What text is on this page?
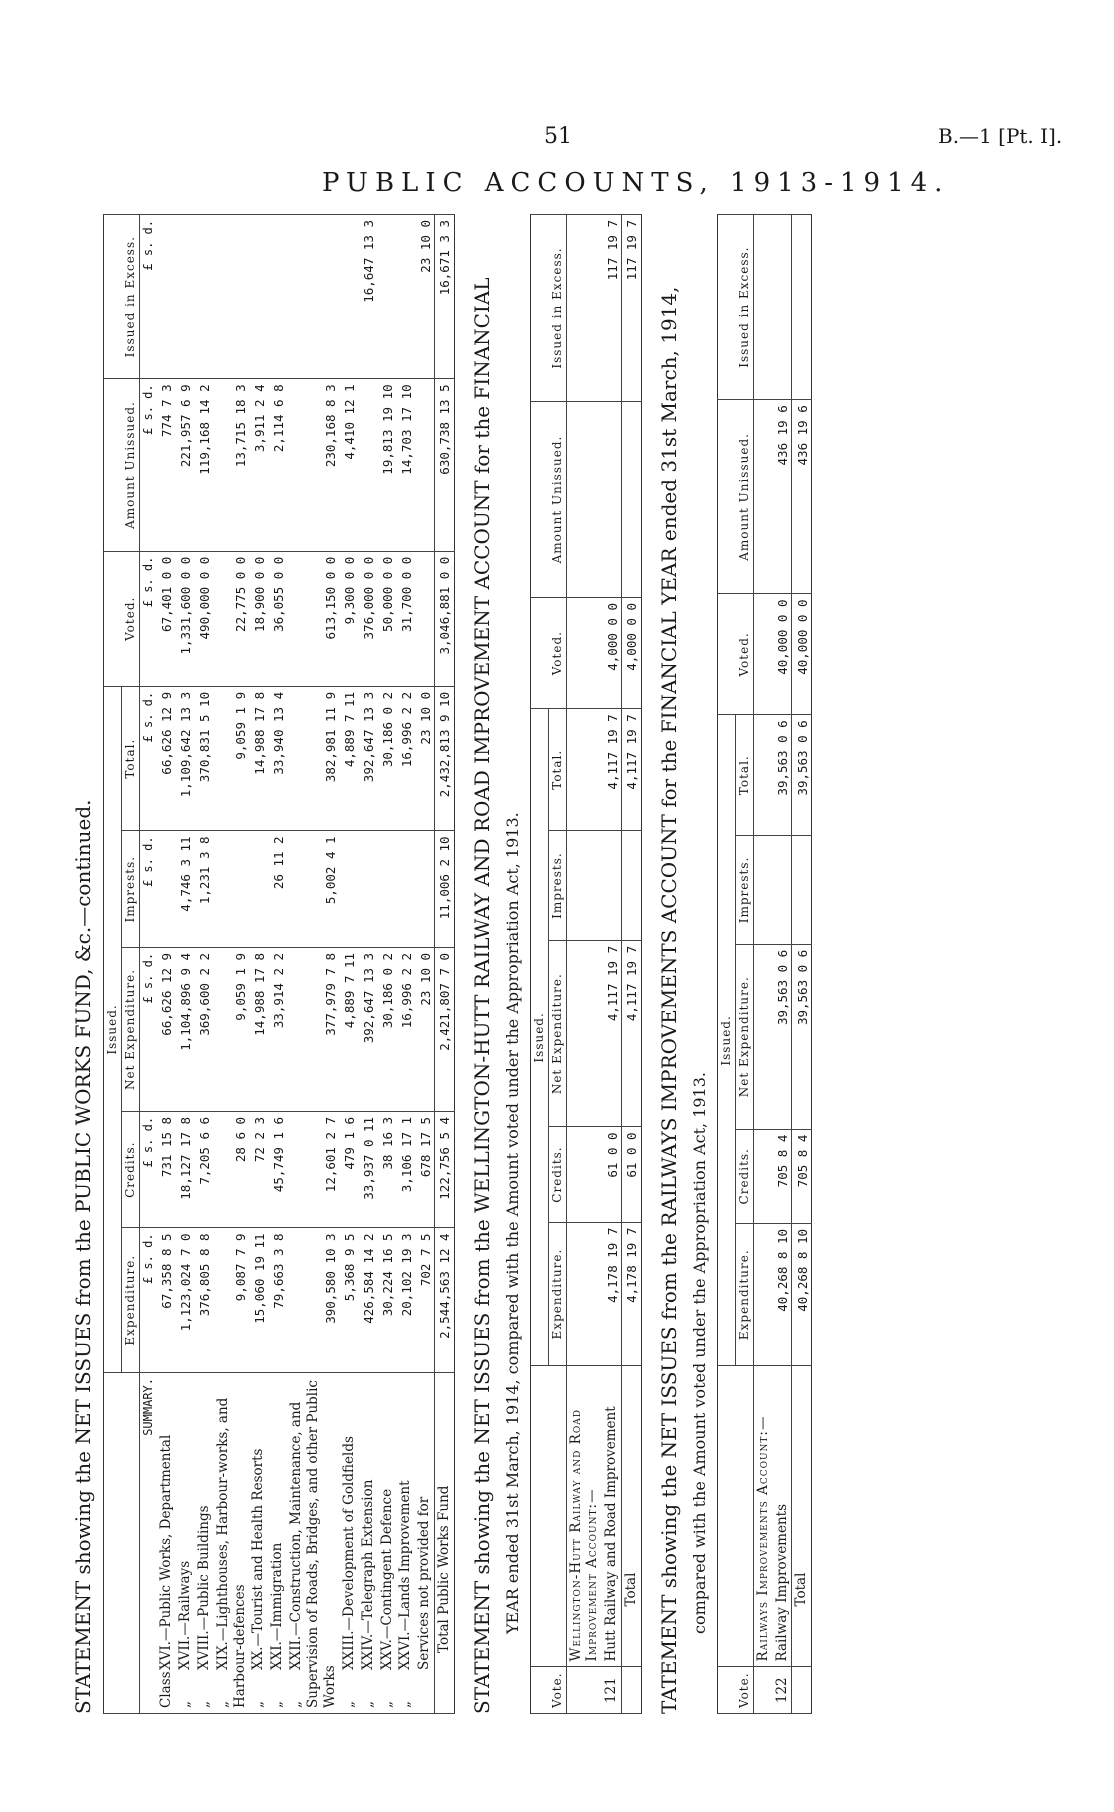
51	B.—1 [Pt. I].
PUBLIC ACCOUNTS, 1913-1914.
STATEMENT showing the NET ISSUES from the PUBLIC WORKS FUND, &c.—continued.
	Issued.					Voted.	Amount Unissued.	Issued in Excess.
	Expenditure.	Credits.	Net Expenditure.	Imprests.	Total.			
SUMMARY.	£ s. d.	£ s. d.	£ s. d.	£ s. d.	£ s. d.	£ s. d.	£ s. d.	£ s. d.
ClassXVI.—Public Works, Departmental	67,358 8 5	731 15 8	66,626 12 9		66,626 12 9	67,401 0 0	774 7 3	
„XVII.—Railways	1,123,024 7 0	18,127 17 8	1,104,896 9 4	4,746 3 11	1,109,642 13 3	1,331,600 0 0	221,957 6 9	
„XVIII.—Public Buildings	376,805 8 8	7,205 6 6	369,600 2 2	1,231 3 8	370,831 5 10	490,000 0 0	119,168 14 2	
„XIX.—Lighthouses, Harbour-works, and Harbour-defences	9,087 7 9	28 6 0	9,059 1 9		9,059 1 9	22,775 0 0	13,715 18 3	
„XX.—Tourist and Health Resorts	15,060 19 11	72 2 3	14,988 17 8		14,988 17 8	18,900 0 0	3,911 2 4	
„XXI.—Immigration	79,663 3 8	45,749 1 6	33,914 2 2	26 11 2	33,940 13 4	36,055 0 0	2,114 6 8	
„XXII.—Construction, Maintenance, and Supervision of Roads, Bridges, and other Public Works	390,580 10 3	12,601 2 7	377,979 7 8	5,002 4 1	382,981 11 9	613,150 0 0	230,168 8 3	
„XXIII.—Development of Goldfields	5,368 9 5	479 1 6	4,889 7 11		4,889 7 11	9,300 0 0	4,410 12 1	
„XXIV.—Telegraph Extension	426,584 14 2	33,937 0 11	392,647 13 3		392,647 13 3	376,000 0 0		16,647 13 3
„XXV.—Contingent Defence	30,224 16 5	38 16 3	30,186 0 2		30,186 0 2	50,000 0 0	19,813 19 10	
„XXVI.—Lands Improvement	20,102 19 3	3,106 17 1	16,996 2 2		16,996 2 2	31,700 0 0	14,703 17 10	
Services not provided for	702 7 5	678 17 5	23 10 0		23 10 0			23 10 0
Total Public Works Fund	2,544,563 12 4	122,756 5 4	2,421,807 7 0	11,006 2 10	2,432,813 9 10	3,046,881 0 0	630,738 13 5	16,671 3 3
STATEMENT showing the NET ISSUES from the WELLINGTON-HUTT RAILWAY AND ROAD IMPROVEMENT ACCOUNT for the FINANCIAL YEAR ended 31st March, 1914, compared with the Amount voted under the Appropriation Act, 1913.
Vote.		Issued.					Voted.	Amount Unissued.	Issued in Excess.
		Expenditure.	Credits.	Net Expenditure.	Imprests.	Total.			
	Wellington-Hutt Railway and Road Improvement Account:—								
121	Hutt Railway and Road Improvement	4,178 19 7	61 0 0	4,117 19 7		4,117 19 7	4,000 0 0		117 19 7
	Total	4,178 19 7	61 0 0	4,117 19 7		4,117 19 7	4,000 0 0		117 19 7
TATEMENT showing the NET ISSUES from the RAILWAYS IMPROVEMENTS ACCOUNT for the FINANCIAL YEAR ended 31st March, 1914, compared with the Amount voted under the Appropriation Act, 1913.
Vote.		Issued.					Voted.	Amount Unissued.	Issued in Excess.
		Expenditure.	Credits.	Net Expenditure.	Imprests.	Total.			
	Railways Improvements Account:—								
122	Railway Improvements	40,268 8 10	705 8 4	39,563 0 6		39,563 0 6	40,000 0 0	436 19 6	
	Total	40,268 8 10	705 8 4	39,563 0 6		39,563 0 6	40,000 0 0	436 19 6	
